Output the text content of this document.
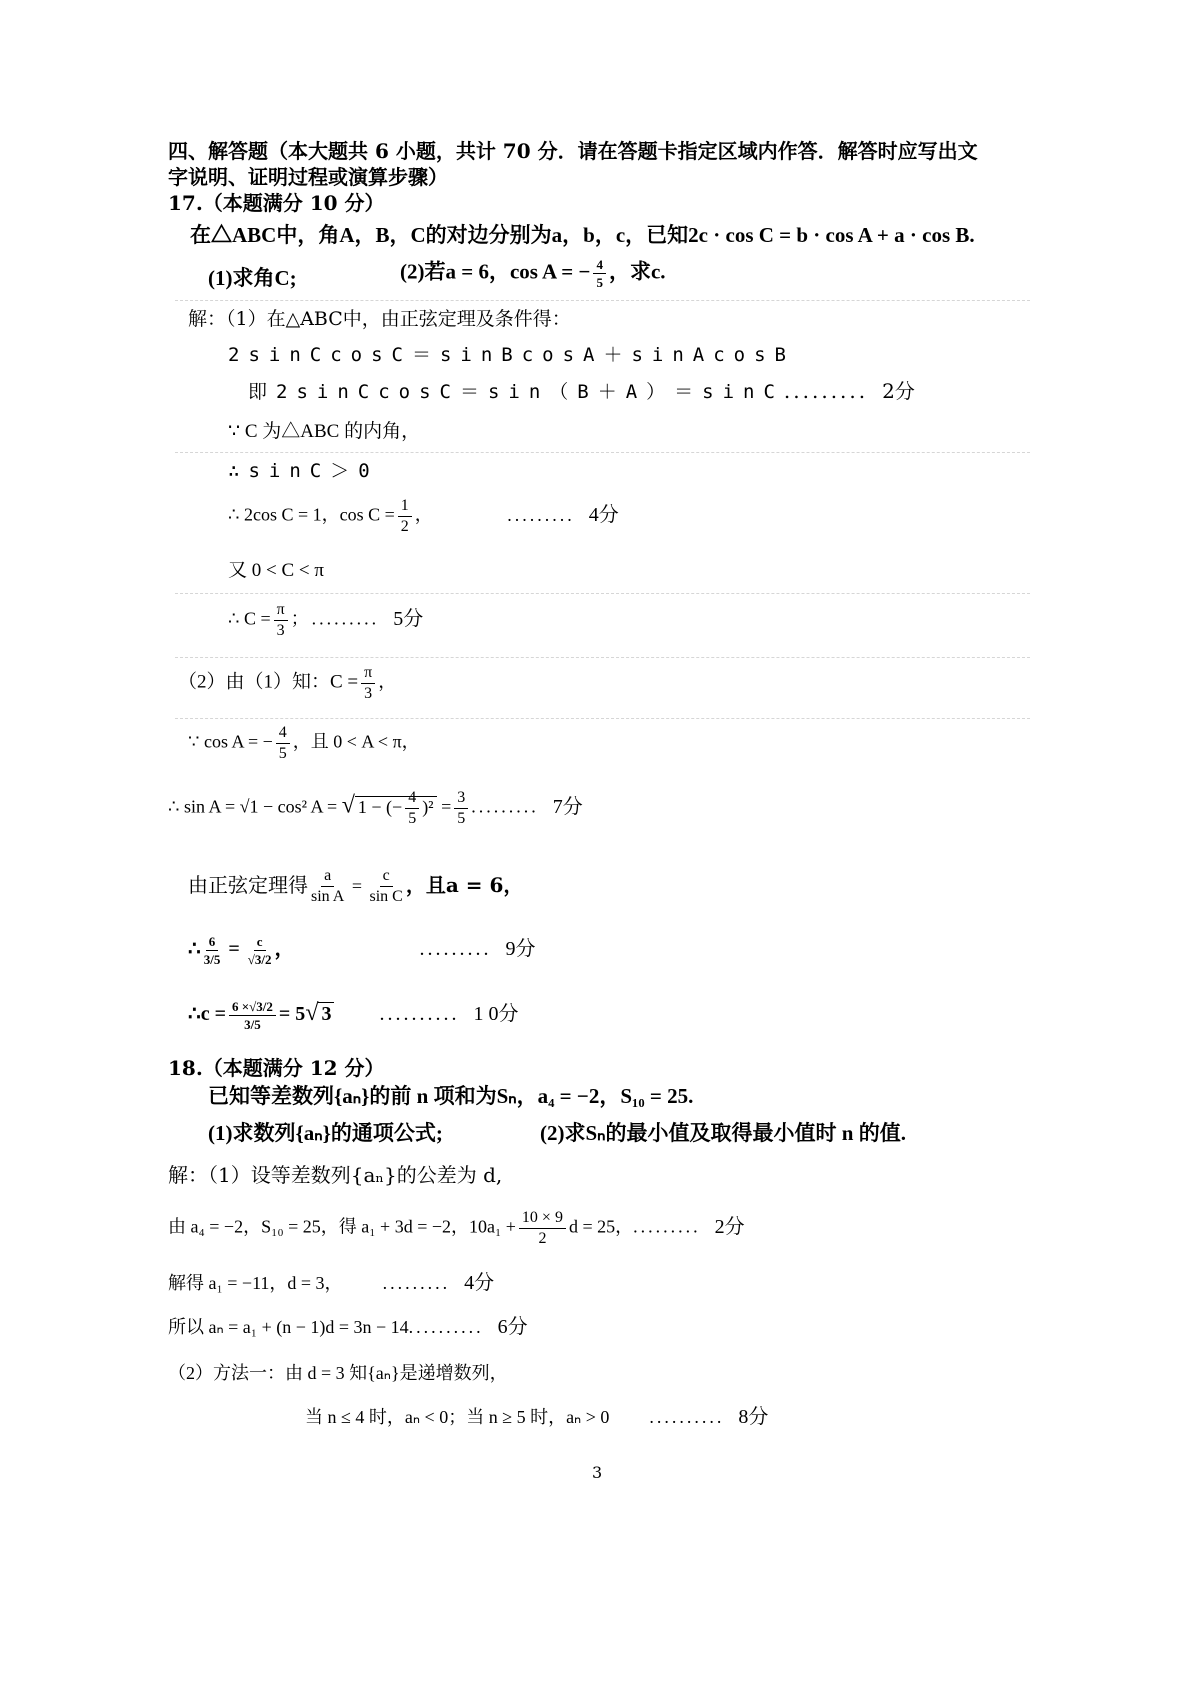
四、解答题（本大题共 6 小题，共计 70 分．请在答题卡指定区域内作答．解答时应写出文
字说明、证明过程或演算步骤）
17.（本题满分 10 分）
在△ABC中，角A，B，C的对边分别为a，b，c，已知2c · cos C = b · cos A + a · cos B.
(1)求角C;	(2)若a = 6，cos A = − $\frac{4}{5}$ ，求c.
解：（1）在△ABC中，由正弦定理及条件得：
2sinCcosC＝sinBcosA＋sinAcosB
即2sinCcosC＝sin（B＋A）＝sinC......... 2分
∵ C 为△ABC 的内角，
∴sinC＞0
∴ 2cos C = 1，$\cos C = \frac{1}{2}$ ，	......... 4分
又 0 < C < π
∴ $C = \frac{\pi}{3}$ ；......... 5分
（2）由（1）知：$C = \frac{\pi}{3}$ ，
∵ cos A = − $\frac{4}{5}$ ，且 0 < A < π，
∴ sin A = √1 − cos² A = √ 1 − (− $\frac{4}{5} )^2 = \frac{3}{5}$ ......... 7分
由正弦定理得 $\frac{a}{\text{sin A}} = \frac{c}{\text{sin C}}$ ，且a = 6，
∴ $\frac{6}{3/5} = \frac{c}{√3/2}$ ，	......... 9分
∴c = $\frac{6 \times√3/2}{3/5} = 5√$ 3 .......... 1 0分
18.（本题满分 12 分）
已知等差数列{aₙ}的前 n 项和为Sₙ，a₄ = −2，S₁₀ = 25.
(1)求数列{aₙ}的通项公式;	(2)求Sₙ的最小值及取得最小值时 n 的值.
解：（1）设等差数列{aₙ}的公差为 d,
由 a₄ = −2，S₁₀ = 25，得 a₁ + 3d = −2，$10a_1 + \frac{10 \times 9}{2}$ d = 25，......... 2分
解得 a₁ = −11，d = 3， ......... 4分
所以 aₙ = a₁ + (n − 1)d = 3n − 14.......... 6分
（2）方法一：由 d = 3 知{aₙ}是递增数列，
当 n ≤ 4 时，aₙ < 0；当 n ≥ 5 时，aₙ > 0 .......... 8分
3
